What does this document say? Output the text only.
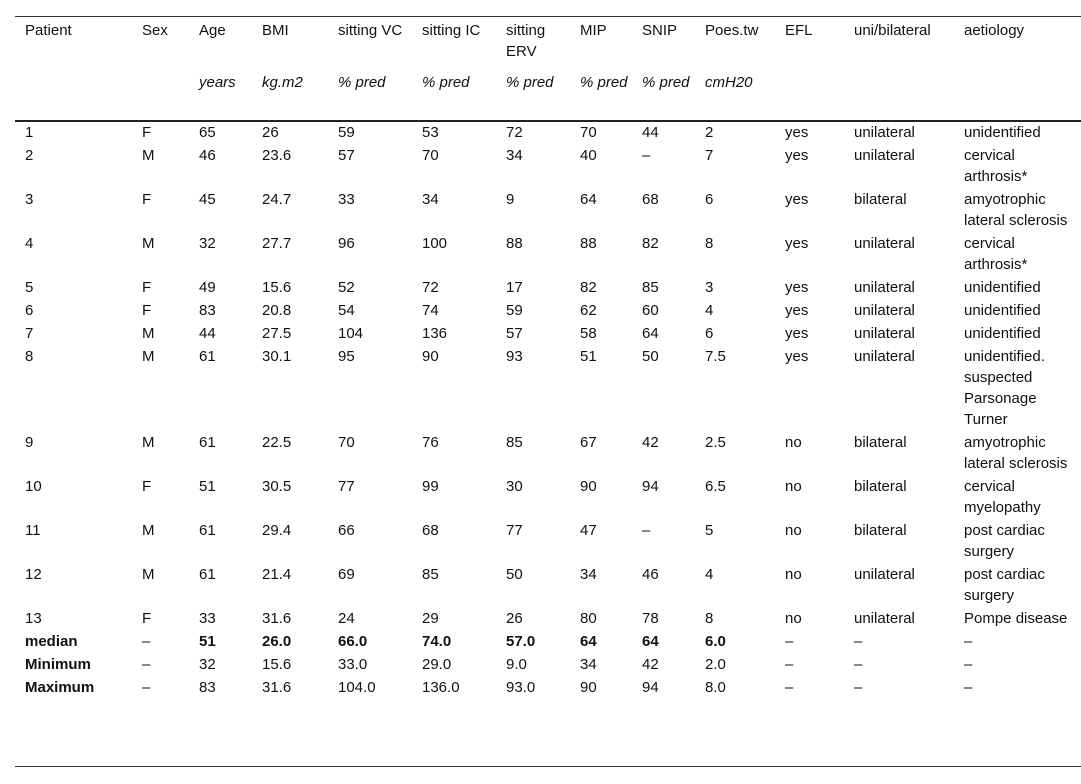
Patient	Sex	Age	BMI	sitting VC	sitting IC	sitting ERV	MIP	SNIP	Poes.tw	EFL	uni/bilateral	aetiology
		years	kg.m2	% pred	% pred	% pred	% pred	% pred	cmH20			
1	F	65	26	59	53	72	70	44	2	yes	unilateral	unidentified
2	M	46	23.6	57	70	34	40	–	7	yes	unilateral	cervical arthrosis*
3	F	45	24.7	33	34	9	64	68	6	yes	bilateral	amyotrophic lateral sclerosis
4	M	32	27.7	96	100	88	88	82	8	yes	unilateral	cervical arthrosis*
5	F	49	15.6	52	72	17	82	85	3	yes	unilateral	unidentified
6	F	83	20.8	54	74	59	62	60	4	yes	unilateral	unidentified
7	M	44	27.5	104	136	57	58	64	6	yes	unilateral	unidentified
8	M	61	30.1	95	90	93	51	50	7.5	yes	unilateral	unidentified. suspected Parsonage Turner
9	M	61	22.5	70	76	85	67	42	2.5	no	bilateral	amyotrophic lateral sclerosis
10	F	51	30.5	77	99	30	90	94	6.5	no	bilateral	cervical myelopathy
11	M	61	29.4	66	68	77	47	–	5	no	bilateral	post cardiac surgery
12	M	61	21.4	69	85	50	34	46	4	no	unilateral	post cardiac surgery
13	F	33	31.6	24	29	26	80	78	8	no	unilateral	Pompe disease
median	–	51	26.0	66.0	74.0	57.0	64	64	6.0	–	–	–
Minimum	–	32	15.6	33.0	29.0	9.0	34	42	2.0	–	–	–
Maximum	–	83	31.6	104.0	136.0	93.0	90	94	8.0	–	–	–
